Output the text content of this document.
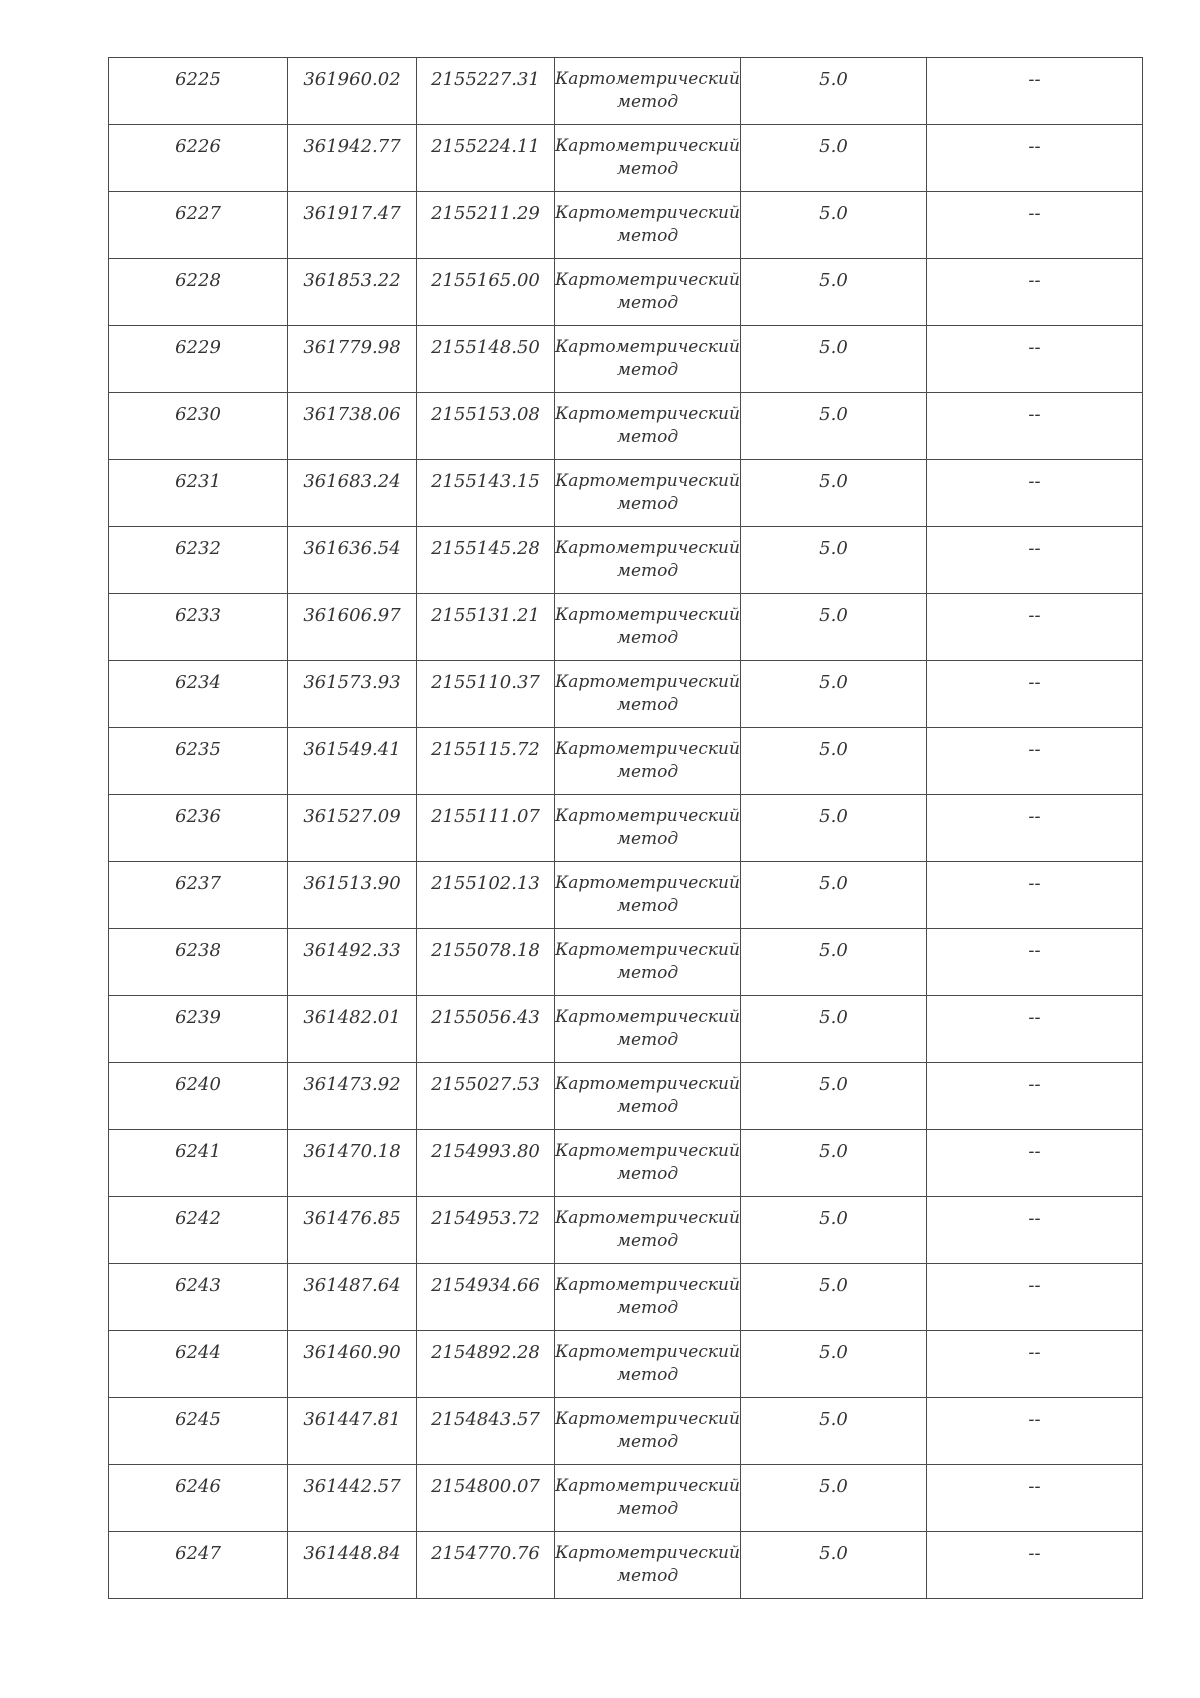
6225	361960.02	2155227.31	Картометрический
метод	5.0	--

6226	361942.77	2155224.11	Картометрический
метод	5.0	--

6227	361917.47	2155211.29	Картометрический
метод	5.0	--

6228	361853.22	2155165.00	Картометрический
метод	5.0	--

6229	361779.98	2155148.50	Картометрический
метод	5.0	--

6230	361738.06	2155153.08	Картометрический
метод	5.0	--

6231	361683.24	2155143.15	Картометрический
метод	5.0	--

6232	361636.54	2155145.28	Картометрический
метод	5.0	--

6233	361606.97	2155131.21	Картометрический
метод	5.0	--

6234	361573.93	2155110.37	Картометрический
метод	5.0	--

6235	361549.41	2155115.72	Картометрический
метод	5.0	--

6236	361527.09	2155111.07	Картометрический
метод	5.0	--

6237	361513.90	2155102.13	Картометрический
метод	5.0	--

6238	361492.33	2155078.18	Картометрический
метод	5.0	--

6239	361482.01	2155056.43	Картометрический
метод	5.0	--

6240	361473.92	2155027.53	Картометрический
метод	5.0	--

6241	361470.18	2154993.80	Картометрический
метод	5.0	--

6242	361476.85	2154953.72	Картометрический
метод	5.0	--

6243	361487.64	2154934.66	Картометрический
метод	5.0	--

6244	361460.90	2154892.28	Картометрический
метод	5.0	--

6245	361447.81	2154843.57	Картометрический
метод	5.0	--

6246	361442.57	2154800.07	Картометрический
метод	5.0	--

6247	361448.84	2154770.76	Картометрический
метод	5.0	--
